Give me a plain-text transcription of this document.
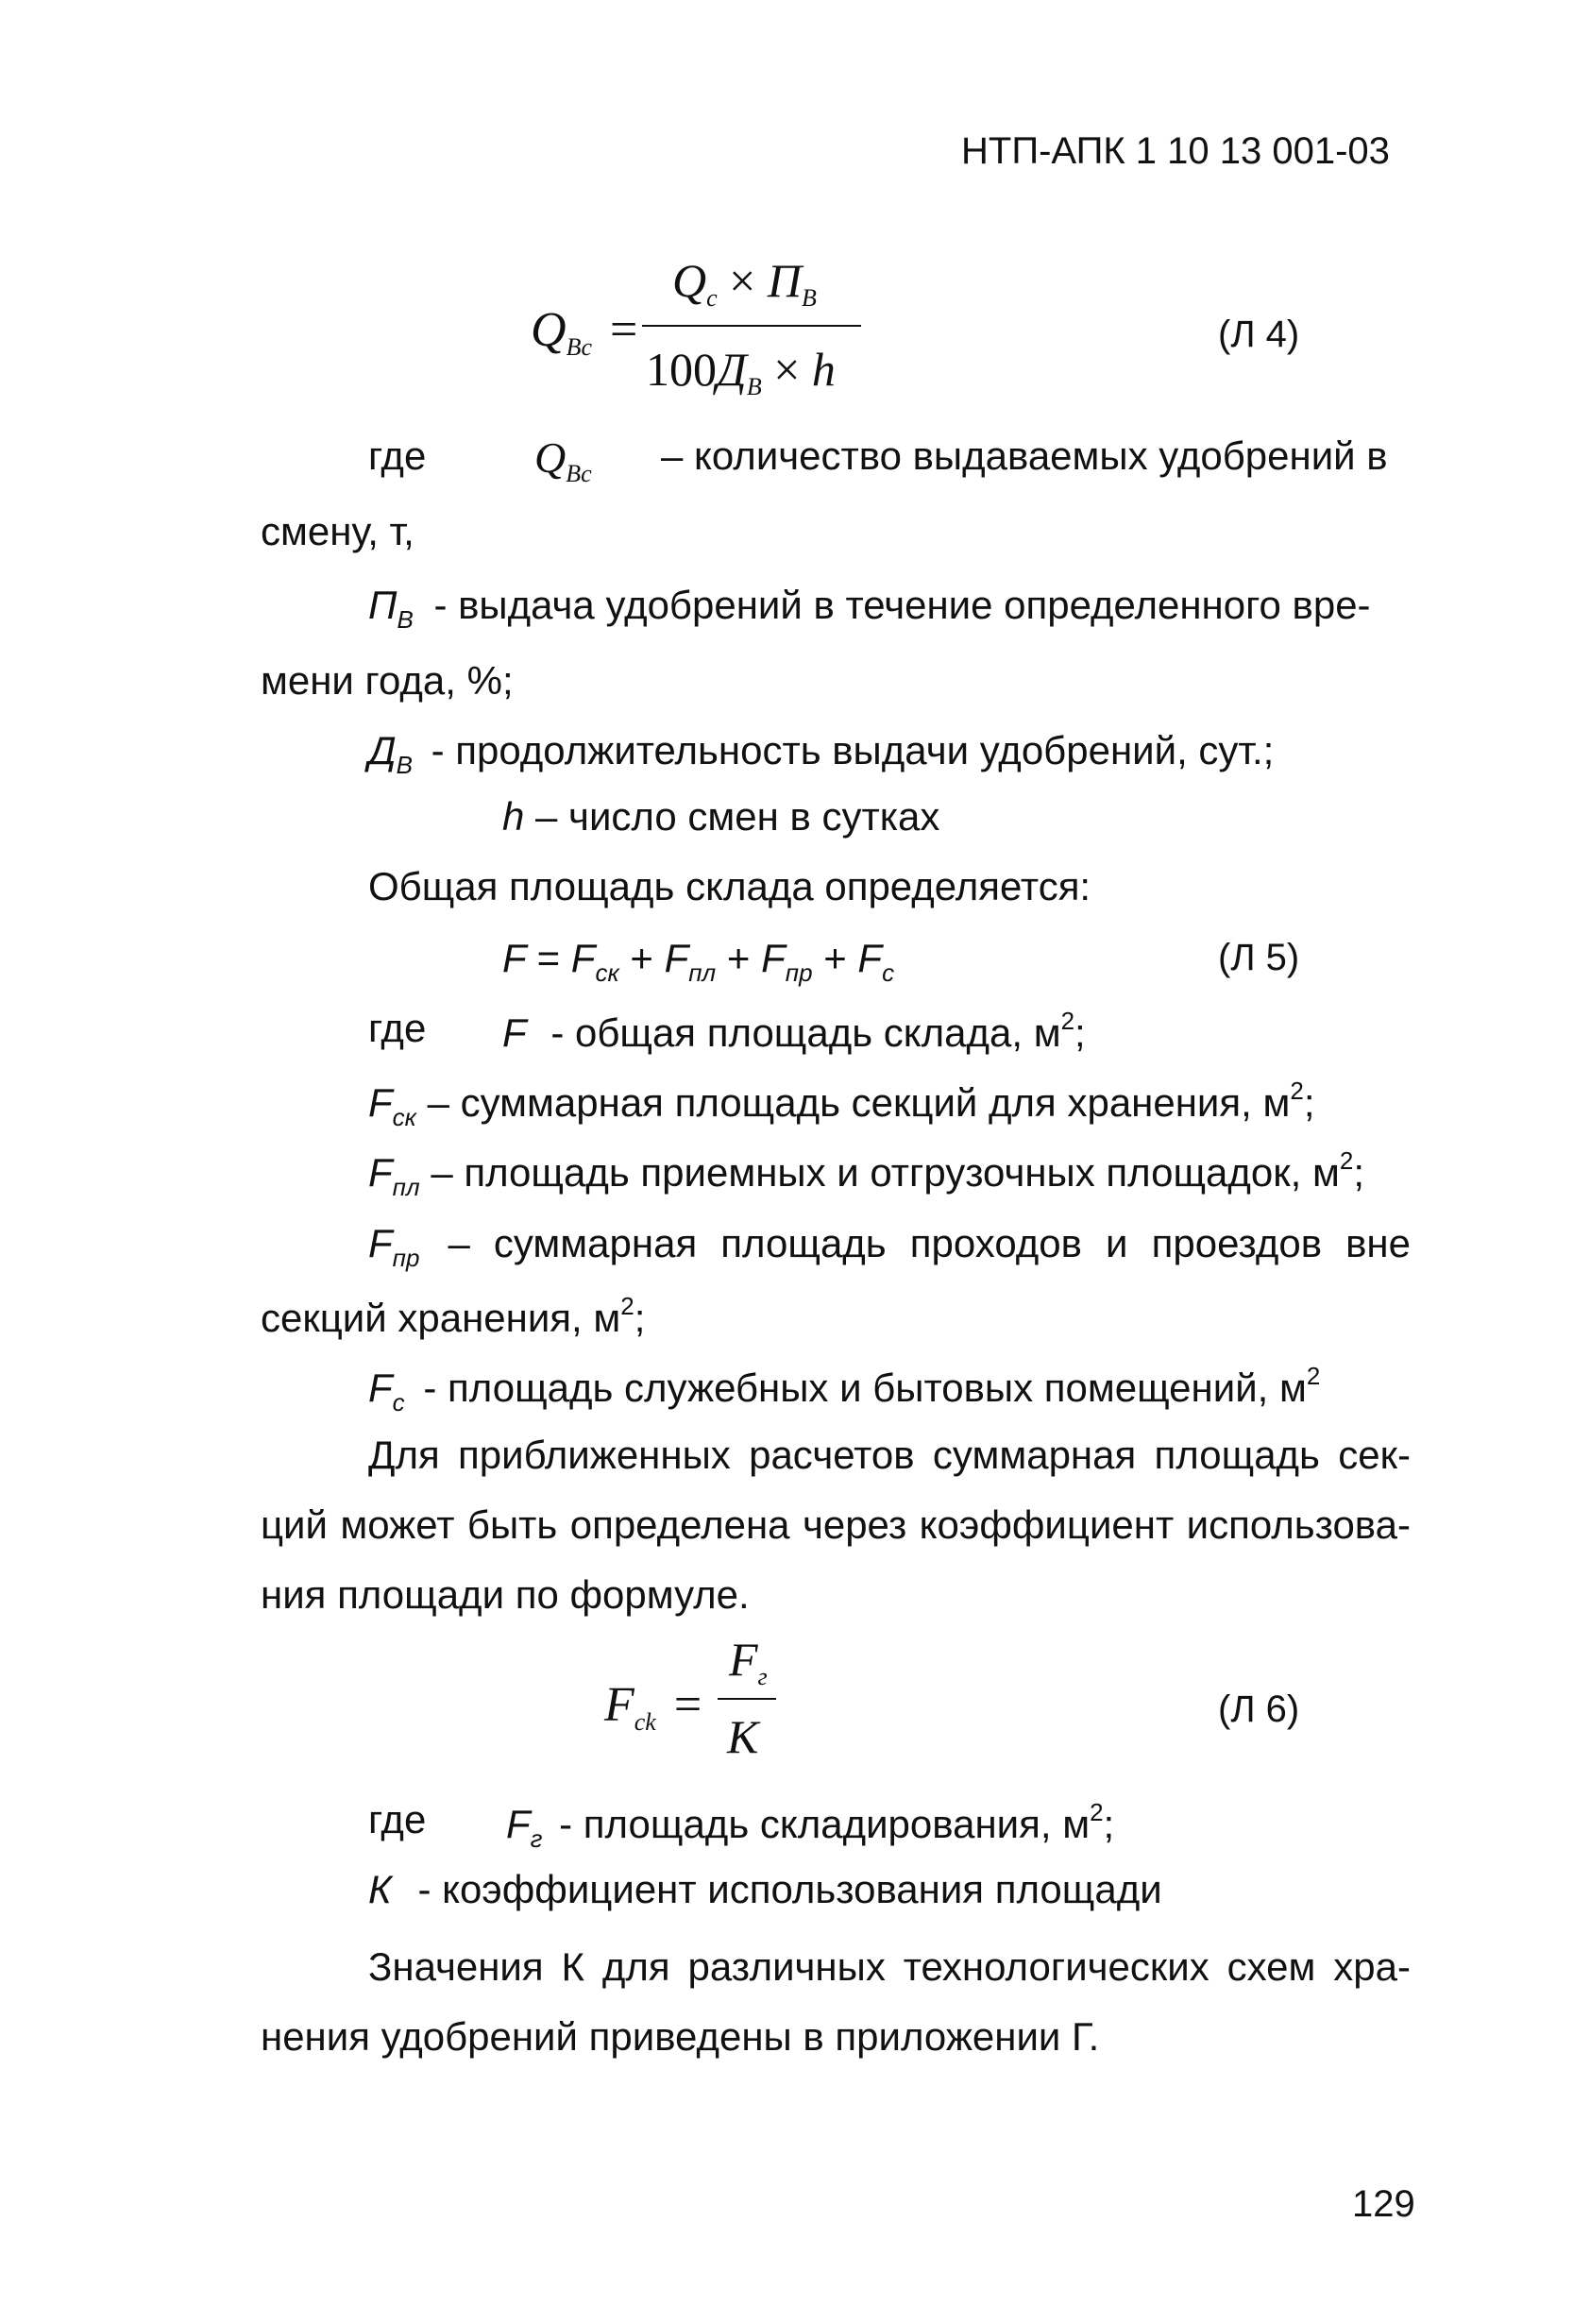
НТП-АПК 1 10 13 001-03
$Q_{Вс}$ =
$Q_с \times П_В$
$100Д_В \times h$
(Л 4)
где $Q_{Вс}$ – количество выдаваемых удобрений в
смену, т,
$П_В$ - выдача удобрений в течение определенного вре-
мени года, %;
$Д_В$ - продолжительность выдачи удобрений, сут.;
h – число смен в сутках
Общая площадь склада определяется:
$F = F_{ск} + F_{пл} + F_{пр} + F_с$	(Л 5)
где F - общая площадь склада, $м^2$;
$F_{ск}$ – суммарная площадь секций для хранения, $м^2$;
$F_{пл}$ – площадь приемных и отгрузочных площадок, $м^2$;
$F_{пр}$ – суммарная площадь проходов и проездов вне
секций хранения, $м^2$;
$F_с$ - площадь служебных и бытовых помещений, $м^2$
Для приближенных расчетов суммарная площадь сек-
ций может быть определена через коэффициент использова-
ния площади по формуле.
$F_{ck}$ =
$F_г$
K
(Л 6)
где $F_г$ - площадь складирования, $м^2$;
К - коэффициент использования площади
Значения К для различных технологических схем хра-
нения удобрений приведены в приложении Г.
129
